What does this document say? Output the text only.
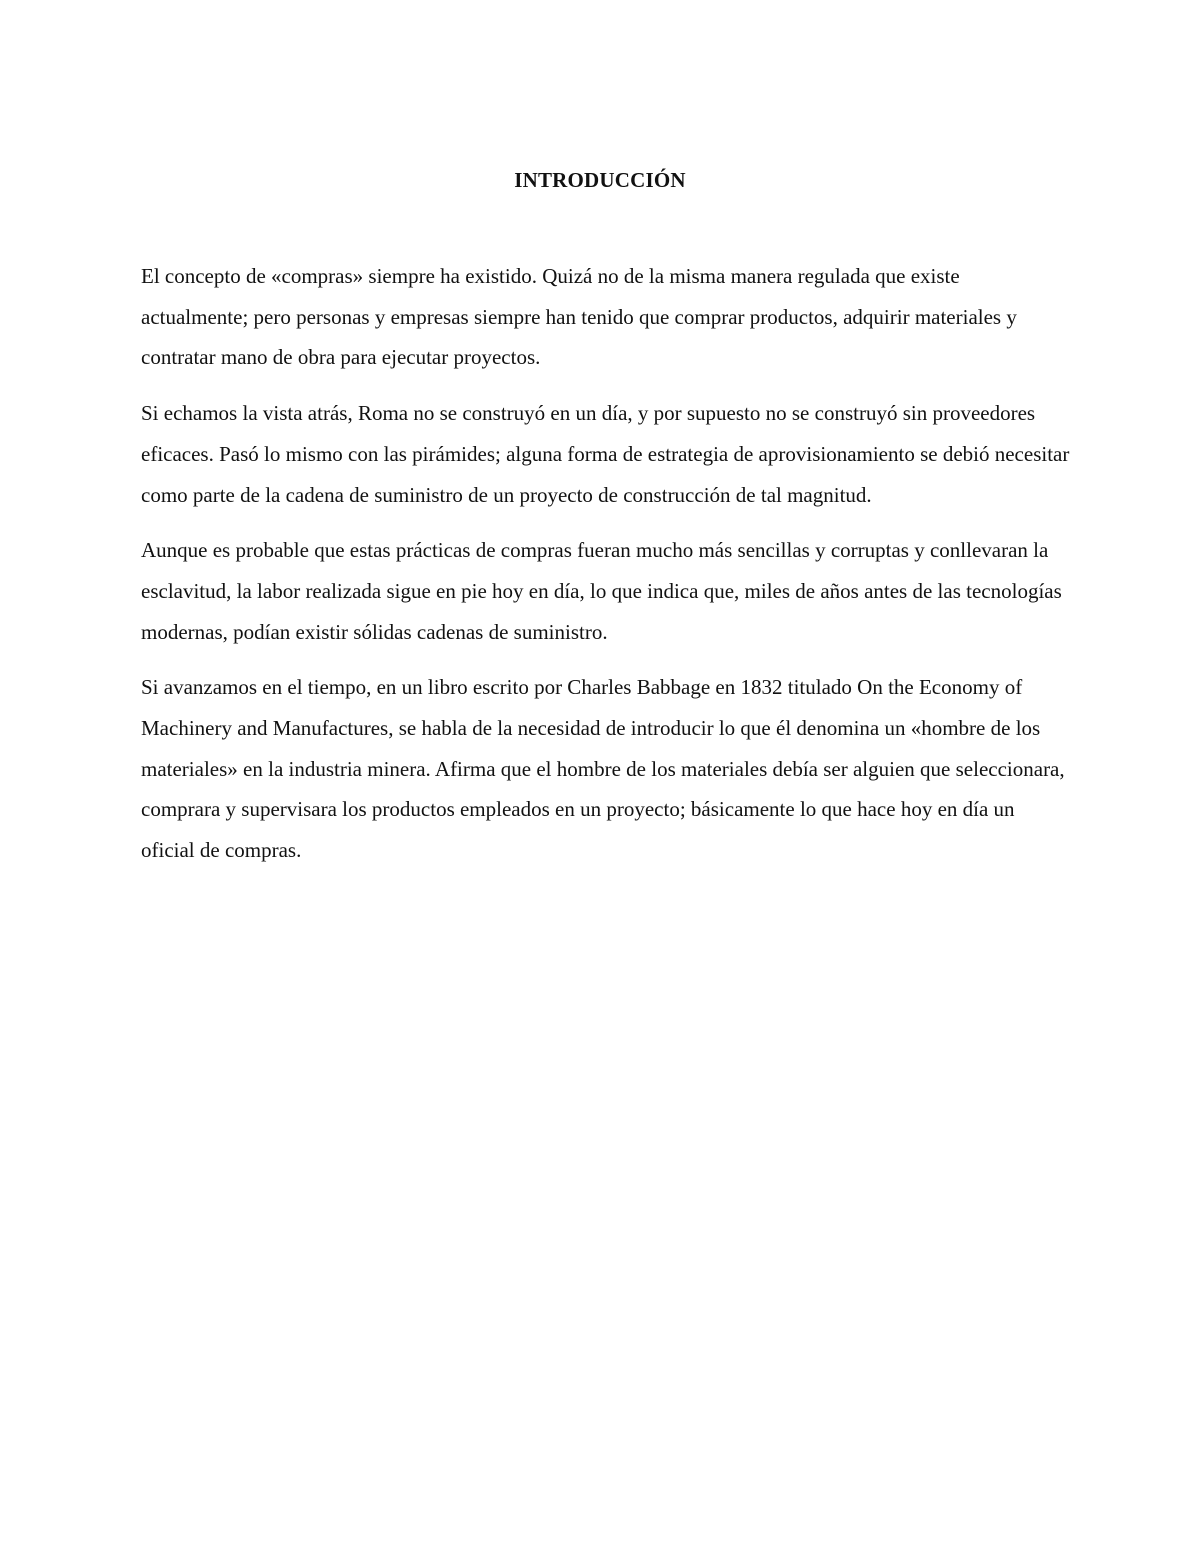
INTRODUCCIÓN

El concepto de «compras» siempre ha existido. Quizá no de la misma manera regulada que existe actualmente; pero personas y empresas siempre han tenido que comprar productos, adquirir materiales y contratar mano de obra para ejecutar proyectos.

Si echamos la vista atrás, Roma no se construyó en un día, y por supuesto no se construyó sin proveedores eficaces. Pasó lo mismo con las pirámides; alguna forma de estrategia de aprovisionamiento se debió necesitar como parte de la cadena de suministro de un proyecto de construcción de tal magnitud.

Aunque es probable que estas prácticas de compras fueran mucho más sencillas y corruptas y conllevaran la esclavitud, la labor realizada sigue en pie hoy en día, lo que indica que, miles de años antes de las tecnologías modernas, podían existir sólidas cadenas de suministro.

Si avanzamos en el tiempo, en un libro escrito por Charles Babbage en 1832 titulado On the Economy of Machinery and Manufactures, se habla de la necesidad de introducir lo que él denomina un «hombre de los materiales» en la industria minera. Afirma que el hombre de los materiales debía ser alguien que seleccionara, comprara y supervisara los productos empleados en un proyecto; básicamente lo que hace hoy en día un oficial de compras.
